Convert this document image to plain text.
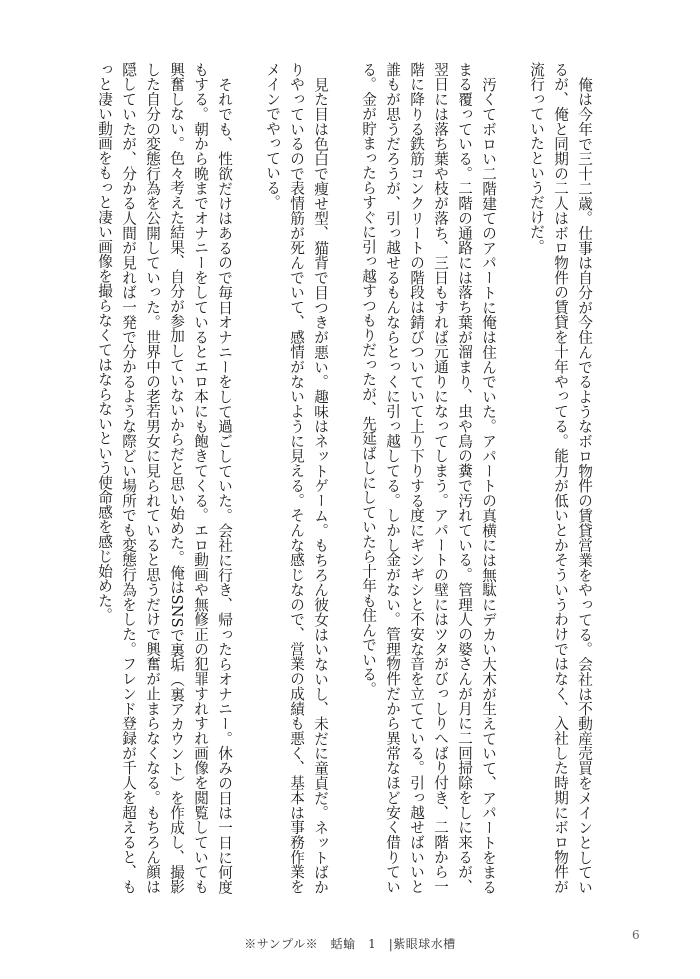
俺は今年で三十二歳。仕事は自分が今住んでるようなボロ物件の賃貸営業をやってる。会社は不動産売買をメインとしているが、俺と同期の二人はボロ物件の賃貸を十年やってる。能力が低いとかそういうわけではなく、入社した時期にボロ物件が流行っていたというだけだ。

汚くてボロい二階建てのアパートに俺は住んでいた。アパートの真横には無駄にデカい大木が生えていて、アパートをまるまる覆っている。二階の通路には落ち葉が溜まり、虫や鳥の糞で汚れている。管理人の婆さんが月に二回掃除をしに来るが、翌日には落ち葉や枝が落ち、三日もすれば元通りになってしまう。アパートの壁にはツタがびっしりへばり付き、二階から一階に降りる鉄筋コンクリートの階段は錆びついていて上り下りする度にギシギシと不安な音を立てている。引っ越せばいいと誰もが思うだろうが、引っ越せるもんならとっくに引っ越してる。しかし金がない。管理物件だから異常なほど安く借りている。金が貯まったらすぐに引っ越すつもりだったが、先延ばしにしていたら十年も住んでいる。

見た目は色白で痩せ型、猫背で目つきが悪い。趣味はネットゲーム。もちろん彼女はいないし、未だに童貞だ。ネットばかりやっているので表情筋が死んでいて、感情がないように見える。そんな感じなので、営業の成績も悪く、基本は事務作業をメインでやっている。

それでも、性欲だけはあるので毎日オナニーをして過ごしていた。会社に行き、帰ったらオナニー。休みの日は一日に何度もする。朝から晩までオナニーをしているとエロ本にも飽きてくる。エロ動画や無修正の犯罪すれすれ画像を閲覧していても興奮しない。色々考えた結果、自分が参加していないからだと思い始めた。俺はSNSで裏垢（裏アカウント）を作成し、撮影した自分の変態行為を公開していった。世界中の老若男女に見られていると思うだけで興奮が止まらなくなる。もちろん顔は隠していたが、分かる人間が見れば一発で分かるような際どい場所でも変態行為をした。フレンド登録が千人を超えると、もっと凄い動画をもっと凄い画像を撮らなくてはならないという使命感を感じ始めた。

※サンプル※　蛞蝓　1　|紫眼球水槽
6
